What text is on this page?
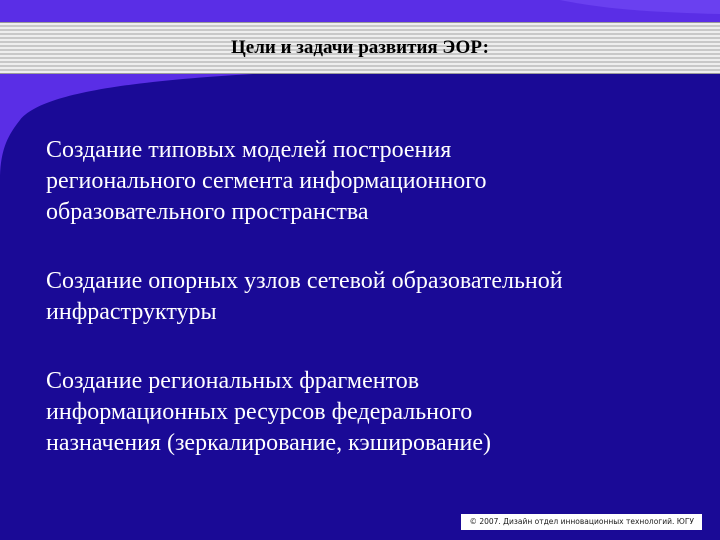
Цели и задачи развития ЭОР:

Создание типовых моделей построения
регионального сегмента информационного
образовательного пространства

Создание опорных узлов сетевой образовательной
инфраструктуры

Создание региональных фрагментов
информационных ресурсов федерального
назначения (зеркалирование, кэширование)

© 2007. Дизайн отдел инновационных технологий. ЮГУ
